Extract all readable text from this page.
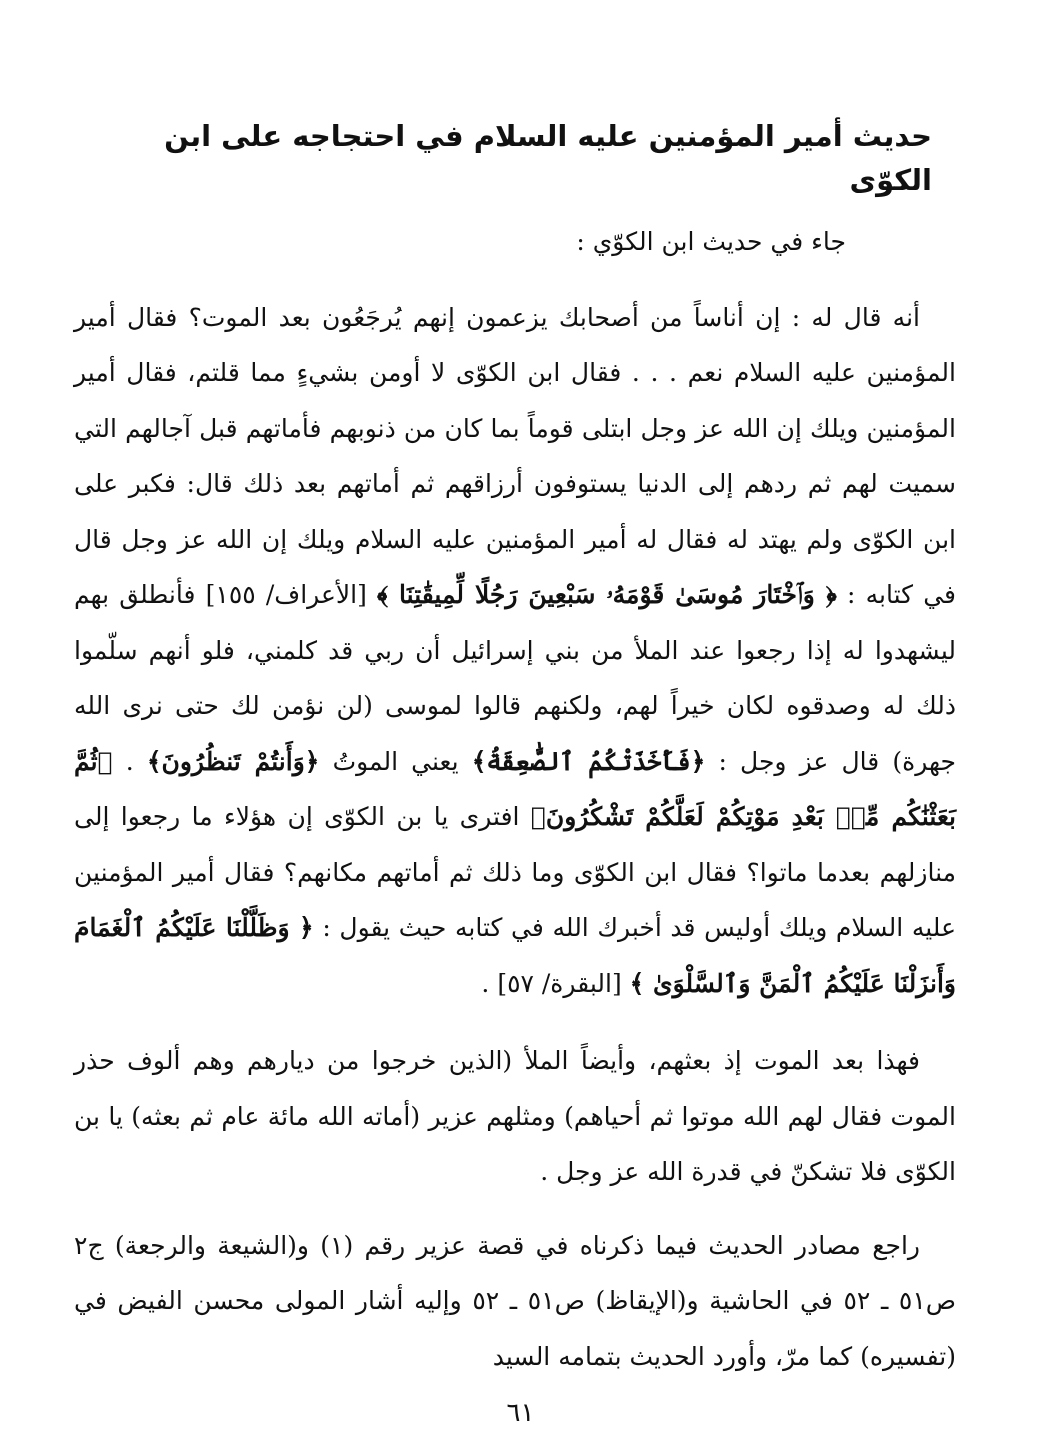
حديث أمير المؤمنين عليه السلام في احتجاجه على ابن الكوّى

جاء في حديث ابن الكوّي :

أنه قال له : إن أناساً من أصحابك يزعمون إنهم يُرجَعُون بعد الموت؟ فقال أمير المؤمنين عليه السلام نعم . . . فقال ابن الكوّى لا أومن بشيءٍ مما قلتم، فقال أمير المؤمنين ويلك إن الله عز وجل ابتلى قوماً بما كان من ذنوبهم فأماتهم قبل آجالهم التي سميت لهم ثم ردهم إلى الدنيا يستوفون أرزاقهم ثم أماتهم بعد ذلك قال: فكبر على ابن الكوّى ولم يهتد له فقال له أمير المؤمنين عليه السلام ويلك إن الله عز وجل قال في كتابه : ﴿ وَٱخْتَارَ مُوسَىٰ قَوْمَهُۥ سَبْعِينَ رَجُلًا لِّمِيقَٰتِنَا ﴾ [الأعراف/ ١٥٥] فأنطلق بهم ليشهدوا له إذا رجعوا عند الملأ من بني إسرائيل أن ربي قد كلمني، فلو أنهم سلّموا ذلك له وصدقوه لكان خيراً لهم، ولكنهم قالوا لموسى (لن نؤمن لك حتى نرى الله جهرة) قال عز وجل : ﴿فَأَخَذَتْكُمُ ٱلصَّٰعِقَةُ﴾ يعني الموتُ ﴿وَأَنتُمْ تَنظُرُونَ﴾ . ﴿ثُمَّ بَعَثْنَٰكُم مِّنۢ بَعْدِ مَوْتِكُمْ لَعَلَّكُمْ تَشْكُرُونَ﴾ افترى يا بن الكوّى إن هؤلاء ما رجعوا إلى منازلهم بعدما ماتوا؟ فقال ابن الكوّى وما ذلك ثم أماتهم مكانهم؟ فقال أمير المؤمنين عليه السلام ويلك أوليس قد أخبرك الله في كتابه حيث يقول : ﴿ وَظَلَّلْنَا عَلَيْكُمُ ٱلْغَمَامَ وَأَنزَلْنَا عَلَيْكُمُ ٱلْمَنَّ وَٱلسَّلْوَىٰ ﴾ [البقرة/ ٥٧] .

فهذا بعد الموت إذ بعثهم، وأيضاً الملأ (الذين خرجوا من ديارهم وهم ألوف حذر الموت فقال لهم الله موتوا ثم أحياهم) ومثلهم عزير (أماته الله مائة عام ثم بعثه) يا بن الكوّى فلا تشكنّ في قدرة الله عز وجل .

راجع مصادر الحديث فيما ذكرناه في قصة عزير رقم (١) و(الشيعة والرجعة) ج٢ ص٥١ ـ ٥٢ في الحاشية و(الإيقاظ) ص٥١ ـ ٥٢ وإليه أشار المولى محسن الفيض في (تفسيره) كما مرّ، وأورد الحديث بتمامه السيد

٦١
